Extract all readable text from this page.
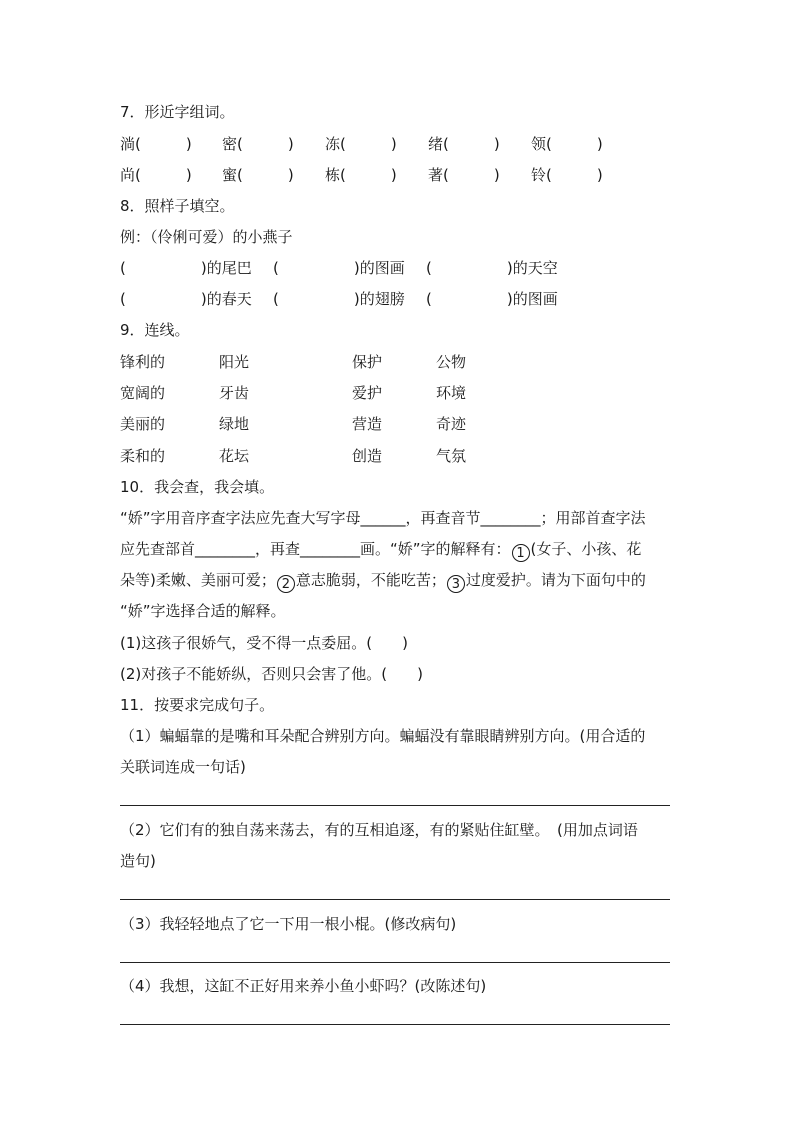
7．形近字组词。
淌(　　　) 密(　　　) 冻(　　　) 绪(　　　) 领(　　　)
尚(　　　) 蜜(　　　) 栋(　　　) 著(　　　) 铃(　　　)
8．照样子填空。
例：（伶俐可爱）的小燕子
(　　　　　)的尾巴 (　　　　　)的图画 (　　　　　)的天空
(　　　　　)的春天 (　　　　　)的翅膀 (　　　　　)的图画
9．连线。
锋利的	阳光	保护	公物
宽阔的	牙齿	爱护	环境
美丽的	绿地	营造	奇迹
柔和的	花坛	创造	气氛
10．我会查，我会填。
“娇”字用音序查字法应先查大写字母______，再查音节________；用部首查字法
应先查部首________，再查________画。“娇”字的解释有： 1 (女子、小孩、花
朵等)柔嫩、美丽可爱； 2 意志脆弱，不能吃苦； 3 过度爱护。请为下面句中的
“娇”字选择合适的解释。
(1)这孩子很娇气，受不得一点委屈。(　　)
(2)对孩子不能娇纵，否则只会害了他。(　　)
11．按要求完成句子。
（1）蝙蝠靠的是嘴和耳朵配合辨别方向。蝙蝠没有靠眼睛辨别方向。(用合适的
关联词连成一句话)
（2）它们有的独自荡来荡去，有的互相追逐，有的紧贴住缸壁。　(用加点词语
造句)
（3）我轻轻地点了它一下用一根小棍。(修改病句)
（4）我想，这缸不正好用来养小鱼小虾吗？(改陈述句)
